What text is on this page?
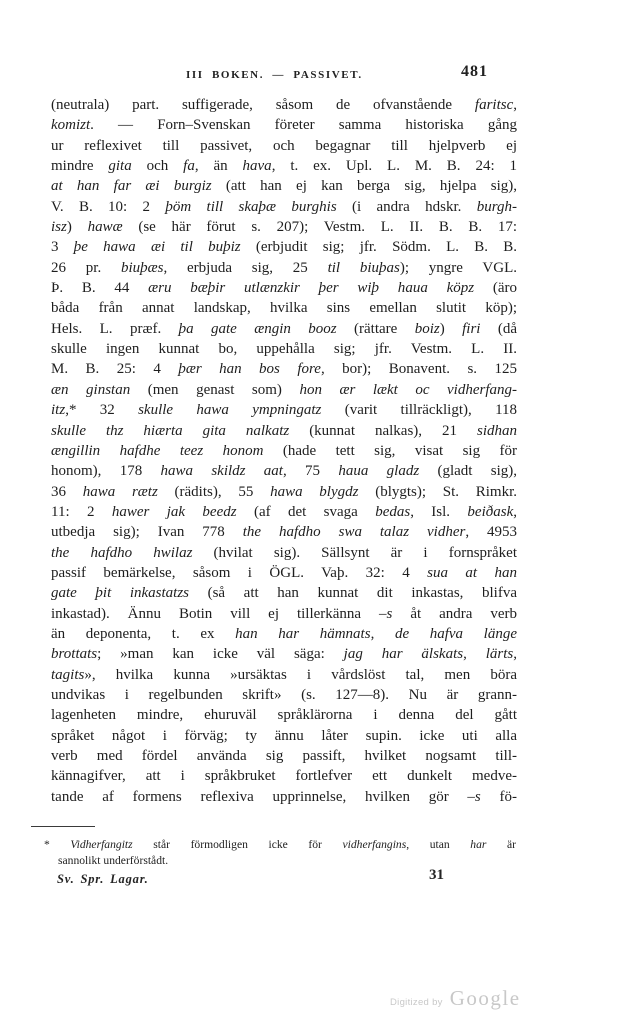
III BOKEN. — PASSIVET.	481
(neutrala) part. suffigerade, såsom de ofvanstående faritsc,
komizt. — Forn–Svenskan företer samma historiska gång
ur reflexivet till passivet, och begagnar till hjelpverb ej
mindre gita och fa, än hava, t. ex. Upl. L. M. B. 24: 1
at han far æi burgiz (att han ej kan berga sig, hjelpa sig),
V. B. 10: 2 þöm till skaþæ burghis (i andra hdskr. burgh-
isz) hawæ (se här förut s. 207); Vestm. L. II. B. B. 17:
3 þe hawa æi til buþiz (erbjudit sig; jfr. Södm. L. B. B.
26 pr. biuþæs, erbjuda sig, 25 til biuþas); yngre VGL.
Þ. B. 44 æru bæþir utlænzkir þer wiþ haua köpz (äro
båda från annat landskap, hvilka sins emellan slutit köp);
Hels. L. præf. þa gate ængin booz (rättare boiz) firi (då
skulle ingen kunnat bo, uppehålla sig; jfr. Vestm. L. II.
M. B. 25: 4 þær han bos fore, bor); Bonavent. s. 125
æn ginstan (men genast som) hon ær lækt oc vidherfang-
itz,* 32 skulle hawa ympningatz (varit tillräckligt), 118
skulle thz hiærta gita nalkatz (kunnat nalkas), 21 sidhan
ængillin hafdhe teez honom (hade tett sig, visat sig för
honom), 178 hawa skildz aat, 75 haua gladz (gladt sig),
36 hawa rætz (rädits), 55 hawa blygdz (blygts); St. Rimkr.
11: 2 hawer jak beedz (af det svaga bedas, Isl. beiðask,
utbedja sig); Ivan 778 the hafdho swa talaz vidher, 4953
the hafdho hwilaz (hvilat sig). Sällsynt är i fornspråket
passif bemärkelse, såsom i ÖGL. Vaþ. 32: 4 sua at han
gate þit inkastatzs (så att han kunnat dit inkastas, blifva
inkastad). Ännu Botin vill ej tillerkänna –s åt andra verb
än deponenta, t. ex han har hämnats, de hafva länge
brottats; »man kan icke väl säga: jag har älskats, lärts,
tagits», hvilka kunna »ursäktas i vårdslöst tal, men böra
undvikas i regelbunden skrift» (s. 127—8). Nu är grann-
lagenheten mindre, ehuruväl språklärorna i denna del gått
språket något i förväg; ty ännu låter supin. icke uti alla
verb med fördel använda sig passift, hvilket nogsamt till-
kännagifver, att i språkbruket fortlefver ett dunkelt medve-
tande af formens reflexiva upprinnelse, hvilken gör –s fö-
* Vidherfangitz står förmodligen icke för vidherfangins, utan har är
sannolikt underförstådt.
Sv. Spr. Lagar.	31
Digitized by Google
